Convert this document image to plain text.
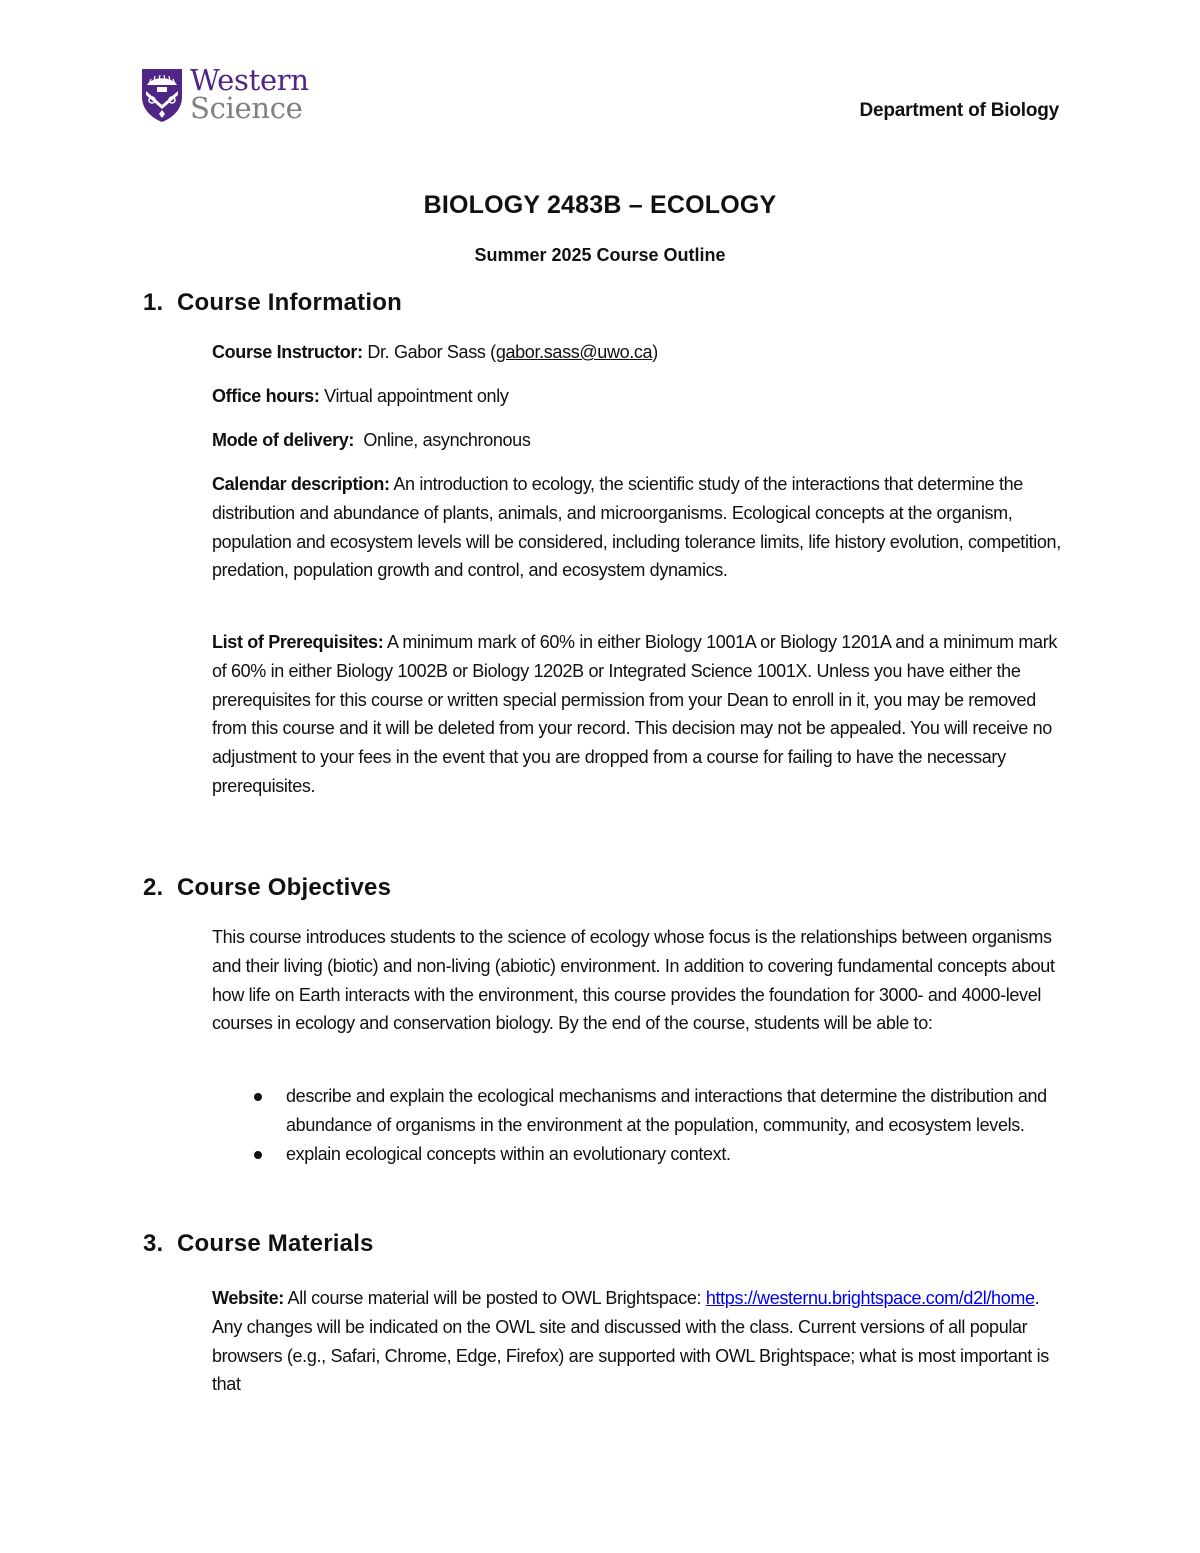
Western
Science	Department of Biology
BIOLOGY 2483B – ECOLOGY
Summer 2025 Course Outline
1. Course Information

Course Instructor: Dr. Gabor Sass (gabor.sass@uwo.ca)

Office hours: Virtual appointment only

Mode of delivery:  Online, asynchronous

Calendar description: An introduction to ecology, the scientific study of the interactions that determine the distribution and abundance of plants, animals, and microorganisms. Ecological concepts at the organism, population and ecosystem levels will be considered, including tolerance limits, life history evolution, competition, predation, population growth and control, and ecosystem dynamics.

List of Prerequisites: A minimum mark of 60% in either Biology 1001A or Biology 1201A and a minimum mark of 60% in either Biology 1002B or Biology 1202B or Integrated Science 1001X. Unless you have either the prerequisites for this course or written special permission from your Dean to enroll in it, you may be removed from this course and it will be deleted from your record. This decision may not be appealed. You will receive no adjustment to your fees in the event that you are dropped from a course for failing to have the necessary prerequisites.

2. Course Objectives

This course introduces students to the science of ecology whose focus is the relationships between organisms and their living (biotic) and non-living (abiotic) environment. In addition to covering fundamental concepts about how life on Earth interacts with the environment, this course provides the foundation for 3000- and 4000-level courses in ecology and conservation biology. By the end of the course, students will be able to:

describe and explain the ecological mechanisms and interactions that determine the distribution and abundance of organisms in the environment at the population, community, and ecosystem levels.
explain ecological concepts within an evolutionary context.
3. Course Materials

Website: All course material will be posted to OWL Brightspace: https://westernu.brightspace.com/d2l/home. Any changes will be indicated on the OWL site and discussed with the class. Current versions of all popular browsers (e.g., Safari, Chrome, Edge, Firefox) are supported with OWL Brightspace; what is most important is that
